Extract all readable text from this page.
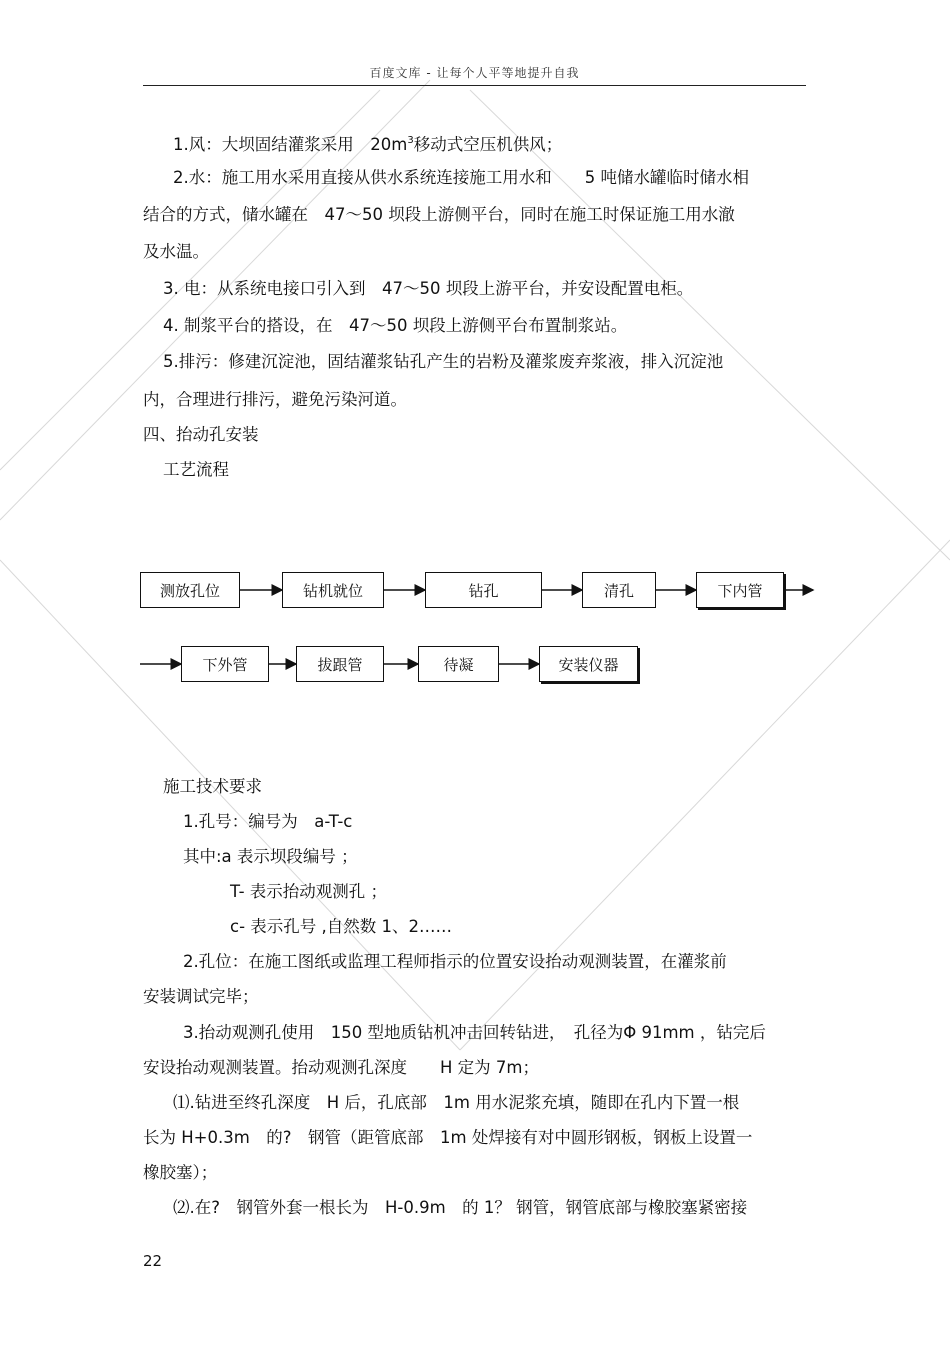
百度文库 - 让每个人平等地提升自我
1.风：大坝固结灌浆采用　$20m^3$移动式空压机供风；
2.水：施工用水采用直接从供水系统连接施工用水和　　5 吨储水罐临时储水相
结合的方式，储水罐在　47～50 坝段上游侧平台，同时在施工时保证施工用水澈
及水温。
3. 电：从系统电接口引入到　47～50 坝段上游平台，并安设配置电柜。
4. 制浆平台的搭设，在　47～50 坝段上游侧平台布置制浆站。
5.排污：修建沉淀池，固结灌浆钻孔产生的岩粉及灌浆废弃浆液，排入沉淀池
内，合理进行排污，避免污染河道。
四、抬动孔安装
工艺流程
测放孔位	钻机就位	钻孔	清孔	下内管
下外管	拔跟管	待凝	安装仪器
施工技术要求
1.孔号：编号为　a-T-c
其中:a 表示坝段编号 ；
T- 表示抬动观测孔 ；
c- 表示孔号 ,自然数 1、2……
2.孔位：在施工图纸或监理工程师指示的位置安设抬动观测装置，在灌浆前
安装调试完毕；
3.抬动观测孔使用　150 型地质钻机冲击回转钻进，　孔径为Φ 91mm ，钻完后
安设抬动观测装置。抬动观测孔深度　　H 定为 7m；
⑴.钻进至终孔深度　H 后，孔底部　1m 用水泥浆充填，随即在孔内下置一根
长为 H+0.3m　的?　钢管（距管底部　1m 处焊接有对中圆形钢板，钢板上设置一
橡胶塞）；
⑵.在?　钢管外套一根长为　H-0.9m　的 1？ 钢管，钢管底部与橡胶塞紧密接
22
